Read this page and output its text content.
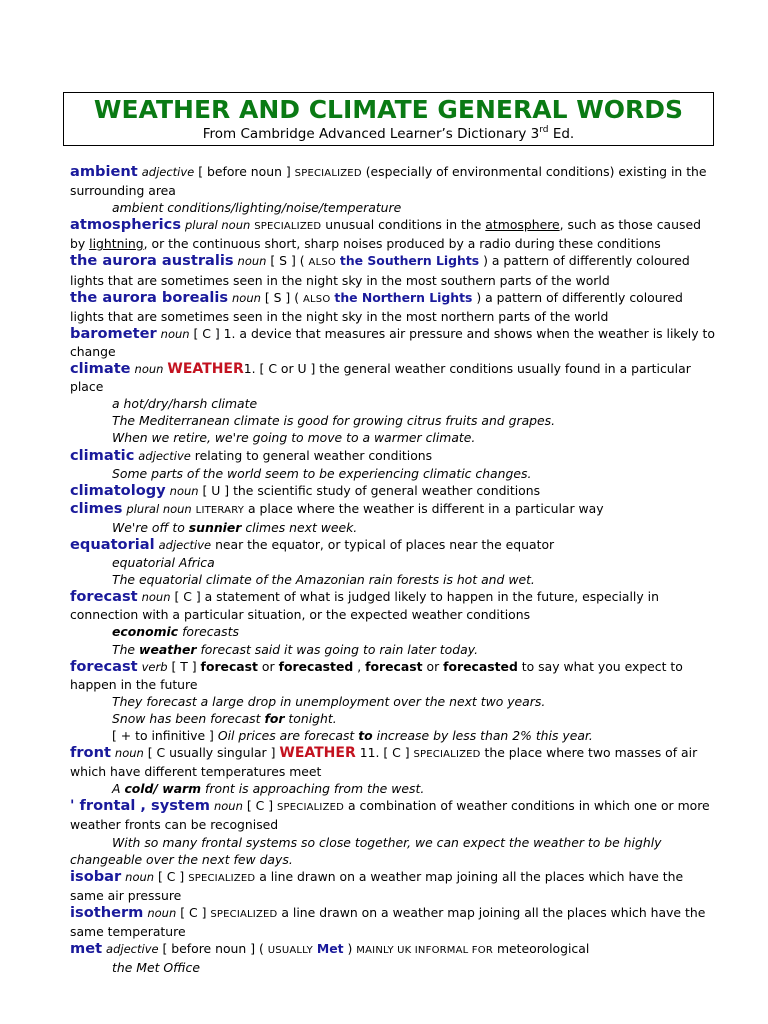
WEATHER AND CLIMATE GENERAL WORDS
From Cambridge Advanced Learner’s Dictionary 3rd Ed.
ambient adjective [ before noun ] SPECIALIZED (especially of environmental conditions) existing in the surrounding area
ambient conditions/lighting/noise/temperature
atmospherics plural noun SPECIALIZED unusual conditions in the atmosphere, such as those caused by lightning, or the continuous short, sharp noises produced by a radio during these conditions
the aurora australis noun [ S ] ( ALSO the Southern Lights ) a pattern of differently coloured lights that are sometimes seen in the night sky in the most southern parts of the world
the aurora borealis noun [ S ] ( ALSO the Northern Lights ) a pattern of differently coloured lights that are sometimes seen in the night sky in the most northern parts of the world
barometer noun [ C ] 1. a device that measures air pressure and shows when the weather is likely to change
climate noun WEATHER1. [ C or U ] the general weather conditions usually found in a particular place
a hot/dry/harsh climate
The Mediterranean climate is good for growing citrus fruits and grapes.
When we retire, we're going to move to a warmer climate.
climatic adjective relating to general weather conditions
Some parts of the world seem to be experiencing climatic changes.
climatology noun [ U ] the scientific study of general weather conditions
climes plural noun LITERARY a place where the weather is different in a particular way
We're off to sunnier climes next week.
equatorial adjective near the equator, or typical of places near the equator
equatorial Africa
The equatorial climate of the Amazonian rain forests is hot and wet.
forecast noun [ C ] a statement of what is judged likely to happen in the future, especially in connection with a particular situation, or the expected weather conditions
economic forecasts
The weather forecast said it was going to rain later today.
forecast verb [ T ] forecast or forecasted , forecast or forecasted to say what you expect to happen in the future
They forecast a large drop in unemployment over the next two years.
Snow has been forecast for tonight.
[ + to infinitive ] Oil prices are forecast to increase by less than 2% this year.
front noun [ C usually singular ] WEATHER 11. [ C ] SPECIALIZED the place where two masses of air which have different temperatures meet
A cold/ warm front is approaching from the west.
' frontal , system noun [ C ] SPECIALIZED a combination of weather conditions in which one or more weather fronts can be recognised
With so many frontal systems so close together, we can expect the weather to be highly changeable over the next few days.
isobar noun [ C ] SPECIALIZED a line drawn on a weather map joining all the places which have the same air pressure
isotherm noun [ C ] SPECIALIZED a line drawn on a weather map joining all the places which have the same temperature
met adjective [ before noun ] ( USUALLY Met ) MAINLY UK INFORMAL FOR meteorological
the Met Office
